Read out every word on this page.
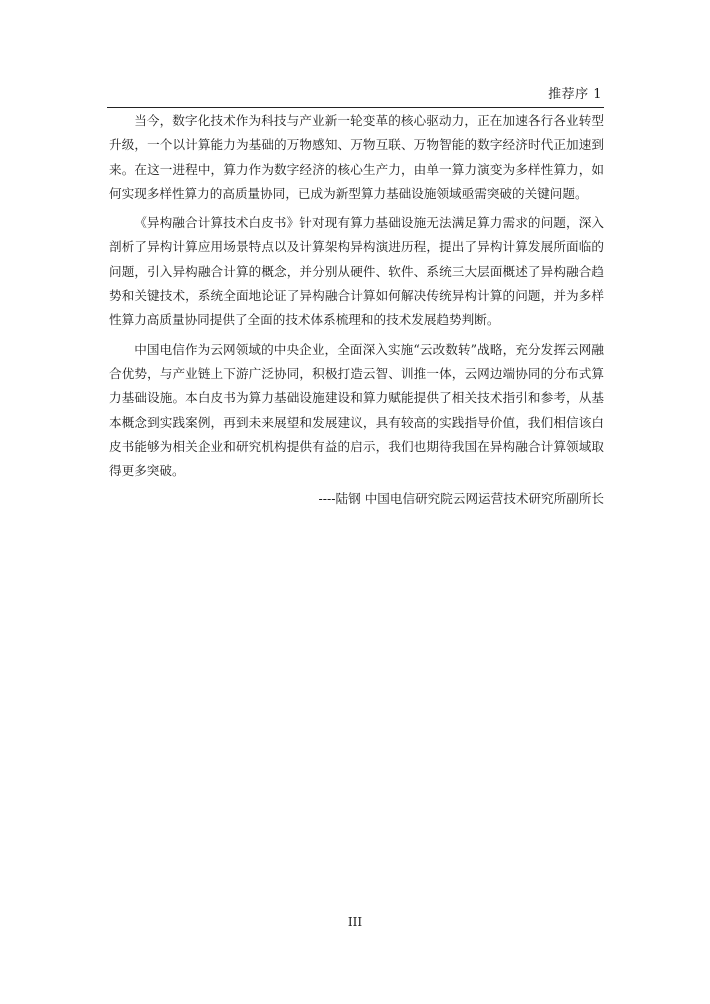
推荐序 1

当今，数字化技术作为科技与产业新一轮变革的核心驱动力，正在加速各行各业转型升级，一个以计算能力为基础的万物感知、万物互联、万物智能的数字经济时代正加速到来。在这一进程中，算力作为数字经济的核心生产力，由单一算力演变为多样性算力，如何实现多样性算力的高质量协同，已成为新型算力基础设施领域亟需突破的关键问题。

《异构融合计算技术白皮书》针对现有算力基础设施无法满足算力需求的问题，深入剖析了异构计算应用场景特点以及计算架构异构演进历程，提出了异构计算发展所面临的问题，引入异构融合计算的概念，并分别从硬件、软件、系统三大层面概述了异构融合趋势和关键技术，系统全面地论证了异构融合计算如何解决传统异构计算的问题，并为多样性算力高质量协同提供了全面的技术体系梳理和的技术发展趋势判断。

中国电信作为云网领域的中央企业，全面深入实施“云改数转”战略，充分发挥云网融合优势，与产业链上下游广泛协同，积极打造云智、训推一体，云网边端协同的分布式算力基础设施。本白皮书为算力基础设施建设和算力赋能提供了相关技术指引和参考，从基本概念到实践案例，再到未来展望和发展建议，具有较高的实践指导价值，我们相信该白皮书能够为相关企业和研究机构提供有益的启示，我们也期待我国在异构融合计算领域取得更多突破。

----陆钢 中国电信研究院云网运营技术研究所副所长

III
